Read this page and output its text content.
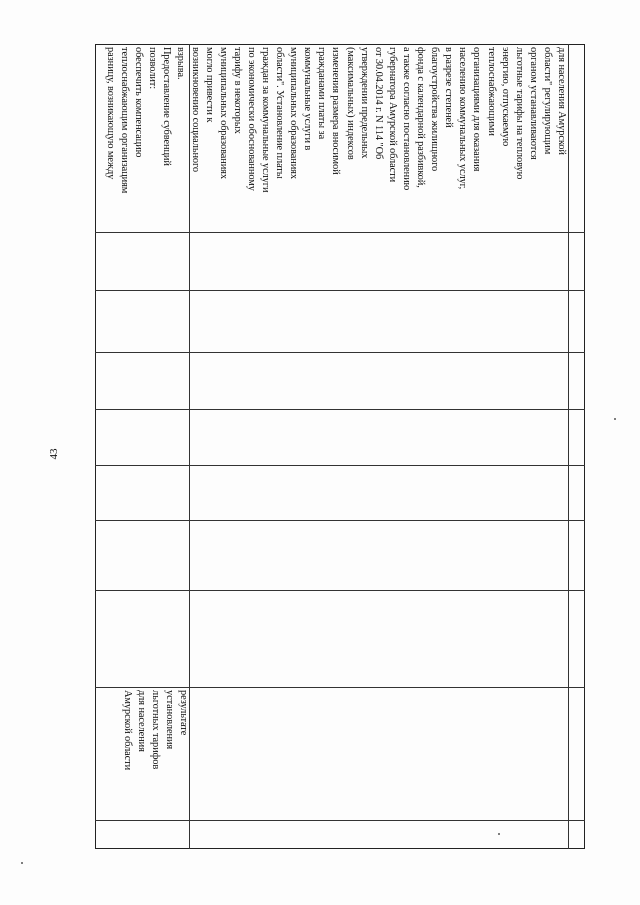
43
результате
установления
льготных тарифов
для населения
Амурской области
для населения Амурской
области" регулирующим
органом устанавливаются
льготные тарифы на тепловую
энергию, отпускаемую
теплоснабжающими
организациями для оказания
населению коммунальных услуг,
в разрезе степеней
благоустройства жилищного
фонда с календарной разбивкой,
а также согласно постановлению
губернатора Амурской области
от 30.04.2014 г. N 114 "Об
утверждении предельных
(максимальных) индексов
изменения размера вносимой
гражданами платы за
коммунальные услуги в
муниципальных образованиях
области". Установление платы
граждан за коммунальные услуги
по экономически обоснованному
тарифу в некоторых
муниципальных образованиях
могло привести к
возникновению социального
взрыва.
Предоставление субвенций
позволит:
обеспечить компенсацию
теплоснабжающим организациям
разницу, возникающую между
